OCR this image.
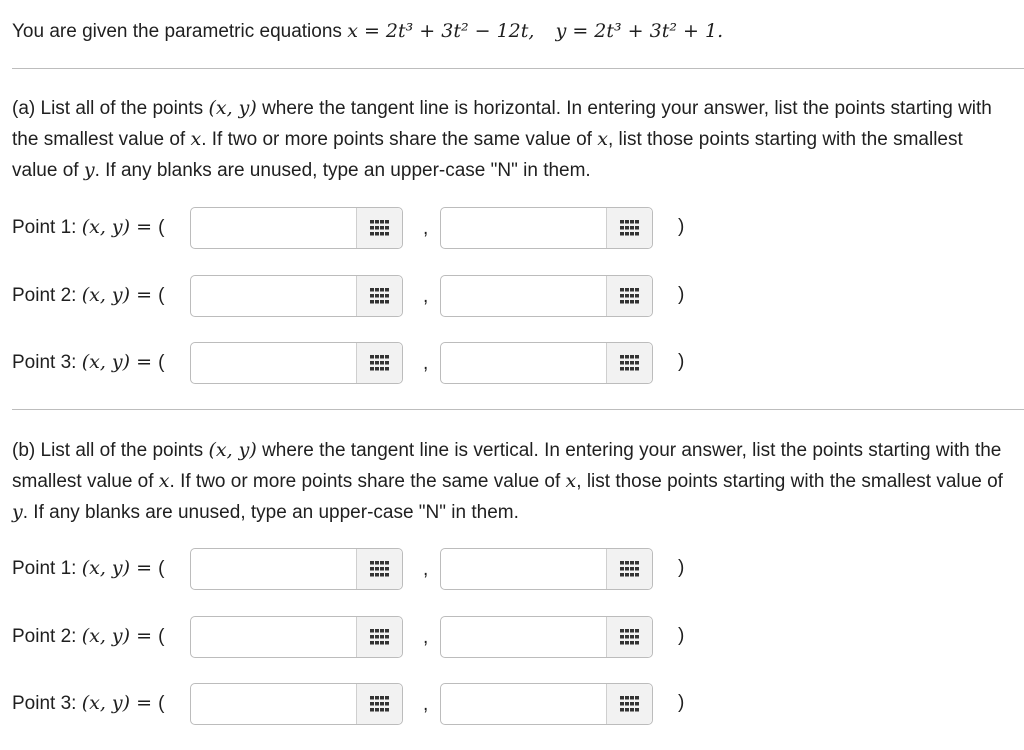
You are given the parametric equations x = 2t³ + 3t² − 12t, y = 2t³ + 3t² + 1.
(a) List all of the points (x, y) where the tangent line is horizontal. In entering your answer, list the points starting with the smallest value of x. If two or more points share the same value of x, list those points starting with the smallest value of y. If any blanks are unused, type an upper-case "N" in them.
Point 1: (x, y) = (	,	)
Point 2: (x, y) = (	,	)
Point 3: (x, y) = (	,	)
(b) List all of the points (x, y) where the tangent line is vertical. In entering your answer, list the points starting with the smallest value of x. If two or more points share the same value of x, list those points starting with the smallest value of y. If any blanks are unused, type an upper-case "N" in them.
Point 1: (x, y) = (	,	)
Point 2: (x, y) = (	,	)
Point 3: (x, y) = (	,	)
